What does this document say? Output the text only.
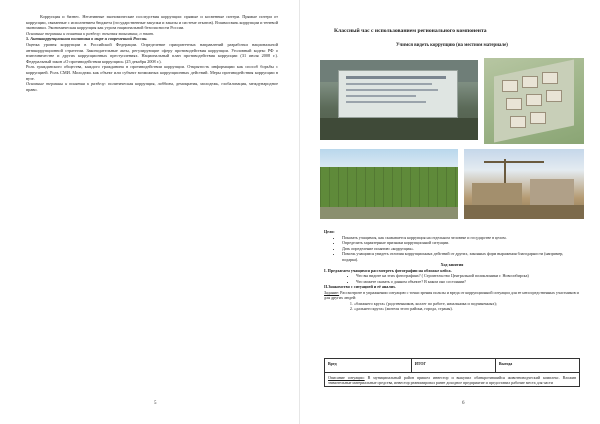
Коррупция и бизнес. Негативные экономические последствия коррупции: прямые и косвенные потери. Прямые потери от коррупции, связанные с исполнением бюджета (государственные закупки и заказы и системе откатов). Взаимосвязь коррупции и теневой экономики. Экономическая коррупция как угроза национальной безопасности России.

Основные термины и понятия к разделу: теневая экономика, о ткат.

5. Антикоррупционная политика в мире и современной России.

Оценка уровня коррупции в Российской Федерации. Определение приоритетных направлений разработки национальной антикоррупционной стратегии. Законодательные акты, регулирующие сферу противодействия коррупции. Уголовный кодекс РФ о взяточничестве и других коррупционных преступлениях. Национальный план противодействия коррупции (31 июля 2008 г.). Федеральный закон «О противодействии коррупции» (25 декабря 2008 г.).

Роль гражданского общества, каждого гражданина в противодействии коррупции. Открытость информации как способ борьбы с коррупцией. Роль СМИ. Молодежь как объект или субъект возможных коррупционных действий. Меры противодействия коррупции в вузе.

Основные термины и понятия к разделу: политическая коррупция, лоббизм, демократия, молодежь, глобализация, международное право.

5
Классный час с использованием регионального компонента
Учимся видеть коррупцию (на местном материале)

Цели:

• Показать учащимся, как сказывается коррупция на отдельном человеке и государстве в целом.
• Определить характерные признаки коррупционной ситуации.
• Дать определение понятию «коррупция».
• Помочь учащимся увидеть отличия коррупционных действий от других, законных форм выражения благодарности (например, подарка).

Ход занятия

I. Предлагаем учащимся рассмотреть фотографии на обложке кейса.

• Что вы видите на этих фотографиях? ( Строительство Центральной поликлиники г. Новосибирска)
• Что можете сказать о данном объекте? В каком оно состоянии?

II.Знакомство с ситуацией и её анализ.

Задание: Рассмотрите в упражнении ситуацию с точки зрения пользы и вреда от коррупционной ситуации для ее непосредственных участников и для других людей:

1. «ближнего круга» (родственников, коллег по работе, начальника и подчиненных);
2. «дальнего круга» (жителя этого района, города, страны).
Вред	ИТОГ	Выгода
Описание ситуации: В муниципальный район пришел инвестор и выкупил обанкротившийся животноводческий комплекс. Вложив значительные материальные средства, инвестор реанимировал ранее доходное предприятие и предоставил рабочие места для части
6
